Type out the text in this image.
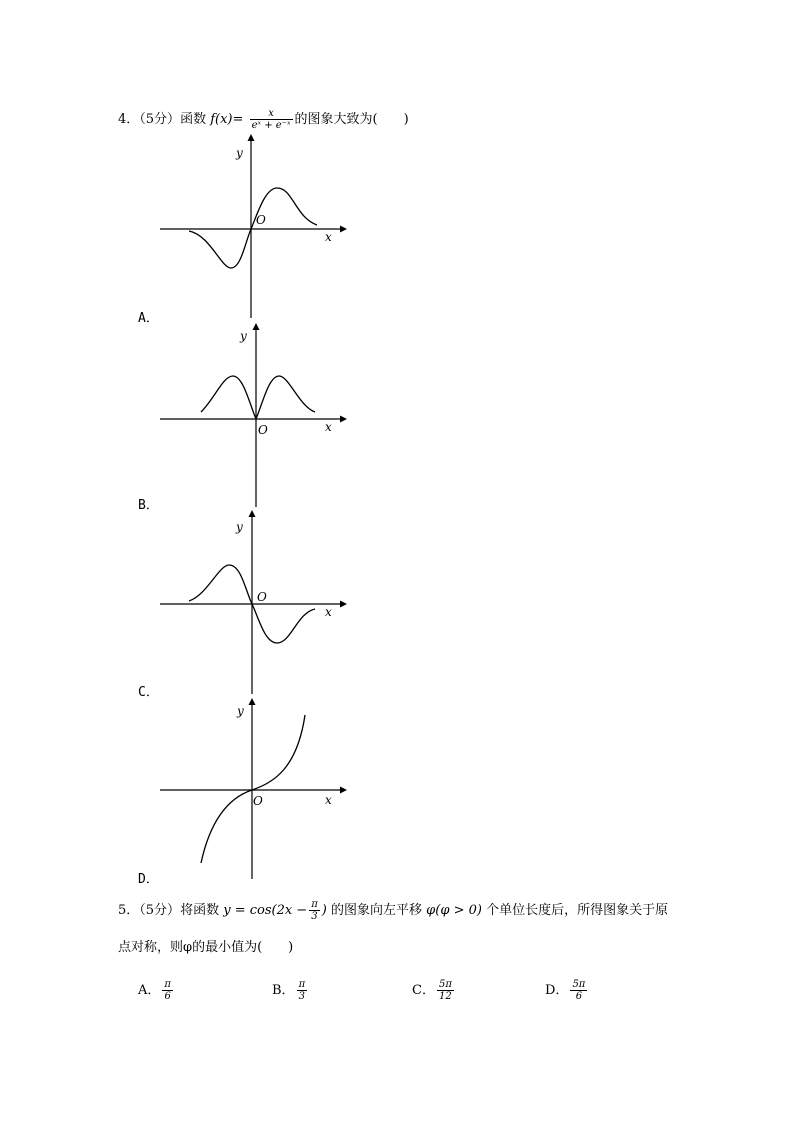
4．（5分）函数 $f(x)= \frac{x}{\text{eˣ + e⁻ˣ}}$ 的图象大致为(　　)
y
x
O
A．
y
x
O
B．
y
x
O
C．
y
x
O
D．
5．（5分）将函数 $y = \cos(2x - \frac{\pi}{3}$ ) 的图象向左平移 φ(φ > 0) 个单位长度后，所得图象关于原
点对称，则φ的最小值为(　　)
A． $\frac{\pi}{6}$	B． $\frac{\pi}{3}$	C． $\frac{5\pi}{12}$	D． $\frac{5\pi}{6}$
